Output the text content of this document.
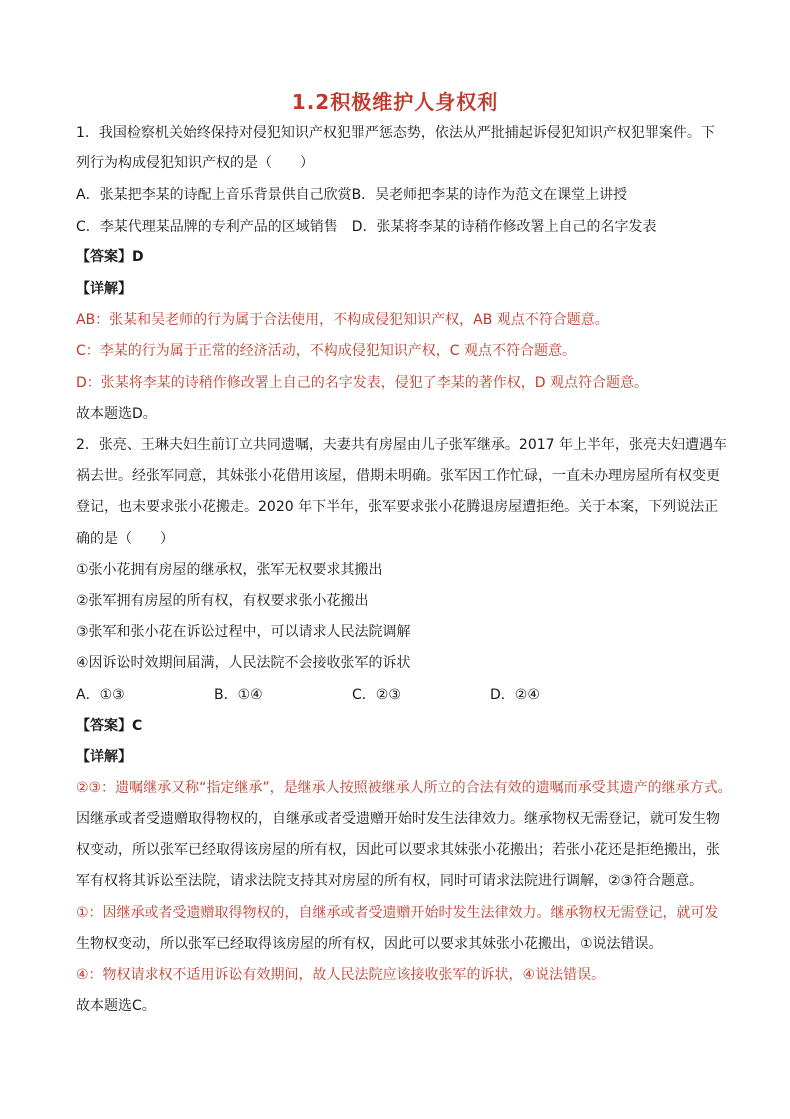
1.2积极维护人身权利
1．我国检察机关始终保持对侵犯知识产权犯罪严惩态势，依法从严批捕起诉侵犯知识产权犯罪案件。下
列行为构成侵犯知识产权的是（　　）
A．张某把李某的诗配上音乐背景供自己欣赏B．吴老师把李某的诗作为范文在课堂上讲授
C．李某代理某品牌的专利产品的区域销售　D．张某将李某的诗稍作修改署上自己的名字发表
【答案】D
【详解】
AB：张某和吴老师的行为属于合法使用，不构成侵犯知识产权，AB 观点不符合题意。
C：李某的行为属于正常的经济活动，不构成侵犯知识产权，C 观点不符合题意。
D：张某将李某的诗稍作修改署上自己的名字发表，侵犯了李某的著作权，D 观点符合题意。
故本题选D。
2．张亮、王琳夫妇生前订立共同遗嘱，夫妻共有房屋由儿子张军继承。2017 年上半年，张亮夫妇遭遇车
祸去世。经张军同意，其妹张小花借用该屋，借期未明确。张军因工作忙碌，一直未办理房屋所有权变更
登记，也未要求张小花搬走。2020 年下半年，张军要求张小花腾退房屋遭拒绝。关于本案，下列说法正
确的是（　　）
①张小花拥有房屋的继承权，张军无权要求其搬出
②张军拥有房屋的所有权，有权要求张小花搬出
③张军和张小花在诉讼过程中，可以请求人民法院调解
④因诉讼时效期间届满，人民法院不会接收张军的诉状
A．①③	B．①④	C．②③	D．②④
【答案】C
【详解】
②③：遗嘱继承又称“指定继承”，是继承人按照被继承人所立的合法有效的遗嘱而承受其遗产的继承方式。
因继承或者受遗赠取得物权的，自继承或者受遗赠开始时发生法律效力。继承物权无需登记，就可发生物
权变动，所以张军已经取得该房屋的所有权，因此可以要求其妹张小花搬出；若张小花还是拒绝搬出，张
军有权将其诉讼至法院，请求法院支持其对房屋的所有权，同时可请求法院进行调解，②③符合题意。
①：因继承或者受遗赠取得物权的，自继承或者受遗赠开始时发生法律效力。继承物权无需登记，就可发
生物权变动，所以张军已经取得该房屋的所有权，因此可以要求其妹张小花搬出，①说法错误。
④：物权请求权不适用诉讼有效期间，故人民法院应该接收张军的诉状，④说法错误。
故本题选C。
